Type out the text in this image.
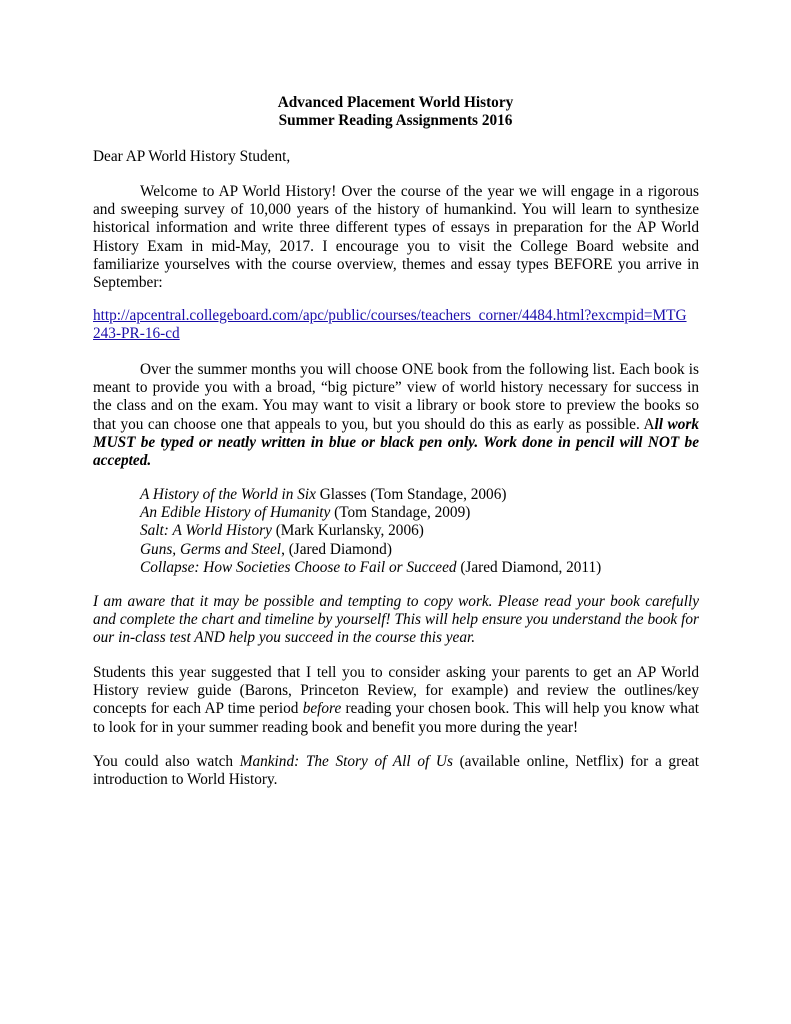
Advanced Placement World History
Summer Reading Assignments 2016
Dear AP World History Student,
Welcome to AP World History! Over the course of the year we will engage in a rigorous and sweeping survey of 10,000 years of the history of humankind. You will learn to synthesize historical information and write three different types of essays in preparation for the AP World History Exam in mid-May, 2017. I encourage you to visit the College Board website and familiarize yourselves with the course overview, themes and essay types BEFORE you arrive in September:
http://apcentral.collegeboard.com/apc/public/courses/teachers_corner/4484.html?excmpid=MTG
243-PR-16-cd
Over the summer months you will choose ONE book from the following list. Each book is meant to provide you with a broad, “big picture” view of world history necessary for success in the class and on the exam. You may want to visit a library or book store to preview the books so that you can choose one that appeals to you, but you should do this as early as possible. All work MUST be typed or neatly written in blue or black pen only. Work done in pencil will NOT be accepted.
A History of the World in Six Glasses (Tom Standage, 2006)
An Edible History of Humanity (Tom Standage, 2009)
Salt: A World History (Mark Kurlansky, 2006)
Guns, Germs and Steel, (Jared Diamond)
Collapse: How Societies Choose to Fail or Succeed (Jared Diamond, 2011)
I am aware that it may be possible and tempting to copy work. Please read your book carefully and complete the chart and timeline by yourself! This will help ensure you understand the book for our in-class test AND help you succeed in the course this year.
Students this year suggested that I tell you to consider asking your parents to get an AP World History review guide (Barons, Princeton Review, for example) and review the outlines/key concepts for each AP time period before reading your chosen book. This will help you know what to look for in your summer reading book and benefit you more during the year!
You could also watch Mankind: The Story of All of Us (available online, Netflix) for a great introduction to World History.
